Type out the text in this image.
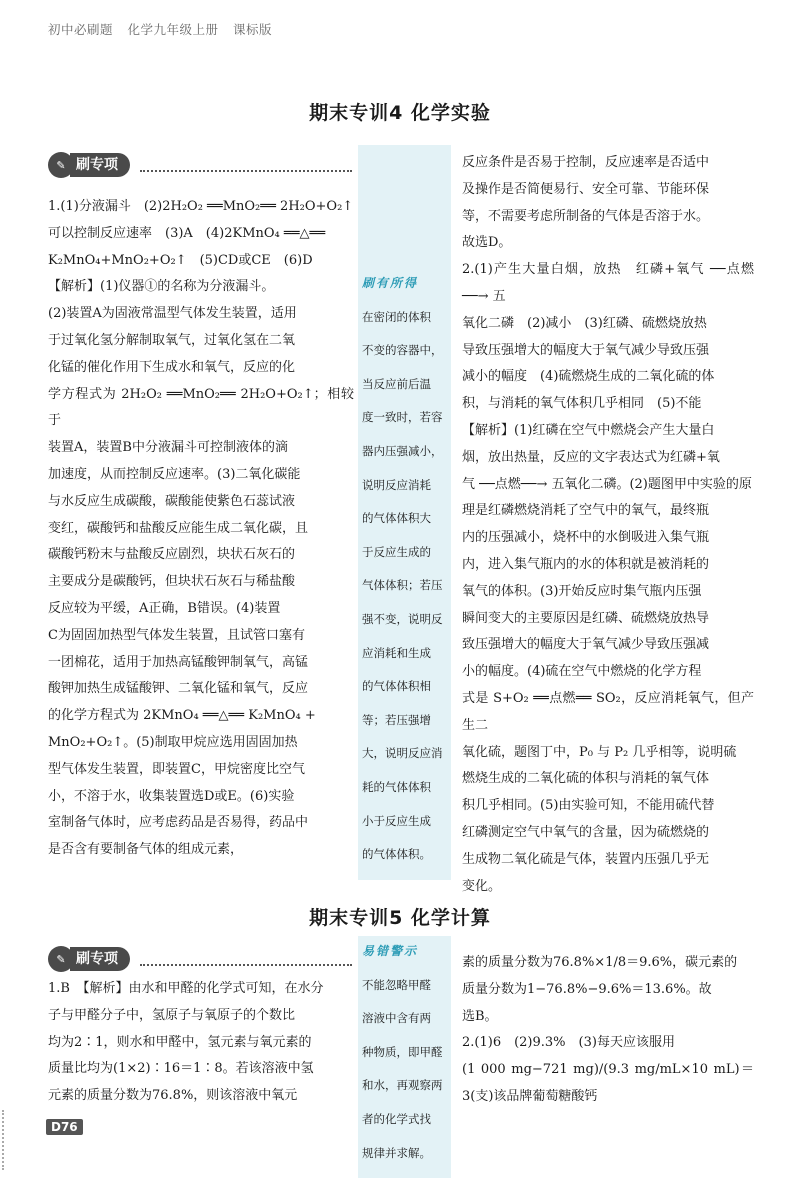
初中必刷题 化学九年级上册 课标版
期末专训4 化学实验
✎ 刷专项
刷有所得

在密闭的体积

不变的容器中，

当反应前后温

度一致时，若容

器内压强减小，

说明反应消耗

的气体体积大

于反应生成的

气体体积；若压

强不变，说明反

应消耗和生成

的气体体积相

等；若压强增

大，说明反应消

耗的气体体积

小于反应生成

的气体体积。

1.(1)分液漏斗　(2)2H₂O₂ ══MnO₂══ 2H₂O+O₂↑

可以控制反应速率　(3)A　(4)2KMnO₄ ══△══

K₂MnO₄+MnO₂+O₂↑　(5)CD或CE　(6)D

【解析】(1)仪器①的名称为分液漏斗。

(2)装置A为固液常温型气体发生装置，适用

于过氧化氢分解制取氧气，过氧化氢在二氧

化锰的催化作用下生成水和氧气，反应的化

学方程式为 2H₂O₂ ══MnO₂══ 2H₂O+O₂↑；相较于

装置A，装置B中分液漏斗可控制液体的滴

加速度，从而控制反应速率。(3)二氧化碳能

与水反应生成碳酸，碳酸能使紫色石蕊试液

变红，碳酸钙和盐酸反应能生成二氧化碳，且

碳酸钙粉末与盐酸反应剧烈，块状石灰石的

主要成分是碳酸钙，但块状石灰石与稀盐酸

反应较为平缓，A正确，B错误。(4)装置

C为固固加热型气体发生装置，且试管口塞有

一团棉花，适用于加热高锰酸钾制氧气，高锰

酸钾加热生成锰酸钾、二氧化锰和氧气，反应

的化学方程式为 2KMnO₄ ══△══ K₂MnO₄ +

MnO₂+O₂↑。(5)制取甲烷应选用固固加热

型气体发生装置，即装置C，甲烷密度比空气

小，不溶于水，收集装置选D或E。(6)实验

室制备气体时，应考虑药品是否易得，药品中

是否含有要制备气体的组成元素，

反应条件是否易于控制，反应速率是否适中

及操作是否简便易行、安全可靠、节能环保

等，不需要考虑所制备的气体是否溶于水。

故选D。

2.(1)产生大量白烟，放热　红磷+氧气 ──点燃──→ 五

氧化二磷　(2)减小　(3)红磷、硫燃烧放热

导致压强增大的幅度大于氧气减少导致压强

减小的幅度　(4)硫燃烧生成的二氧化硫的体

积，与消耗的氧气体积几乎相同　(5)不能

【解析】(1)红磷在空气中燃烧会产生大量白

烟，放出热量，反应的文字表达式为红磷+氧

气 ──点燃──→ 五氧化二磷。(2)题图甲中实验的原

理是红磷燃烧消耗了空气中的氧气，最终瓶

内的压强减小，烧杯中的水倒吸进入集气瓶

内，进入集气瓶内的水的体积就是被消耗的

氧气的体积。(3)开始反应时集气瓶内压强

瞬间变大的主要原因是红磷、硫燃烧放热导

致压强增大的幅度大于氧气减少导致压强减

小的幅度。(4)硫在空气中燃烧的化学方程

式是 S+O₂ ══点燃══ SO₂，反应消耗氧气，但产生二

氧化硫，题图丁中，P₀ 与 P₂ 几乎相等，说明硫

燃烧生成的二氧化硫的体积与消耗的氧气体

积几乎相同。(5)由实验可知，不能用硫代替

红磷测定空气中氧气的含量，因为硫燃烧的

生成物二氧化硫是气体，装置内压强几乎无

变化。

期末专训5 化学计算
✎ 刷专项	易错警示

不能忽略甲醛

溶液中含有两

种物质，即甲醛

和水，再观察两

者的化学式找

规律并求解。

1.B　【解析】由水和甲醛的化学式可知，在水分

子与甲醛分子中，氢原子与氧原子的个数比

均为2∶1，则水和甲醛中，氢元素与氧元素的

质量比均为(1×2)∶16＝1∶8。若该溶液中氢

元素的质量分数为76.8%，则该溶液中氧元

素的质量分数为76.8%×1/8＝9.6%，碳元素的

质量分数为1−76.8%−9.6%＝13.6%。故

选B。

2.(1)6　(2)9.3%　(3)每天应该服用

(1 000 mg−721 mg)/(9.3 mg/mL×10 mL)＝3(支)该品牌葡萄糖酸钙

D76
